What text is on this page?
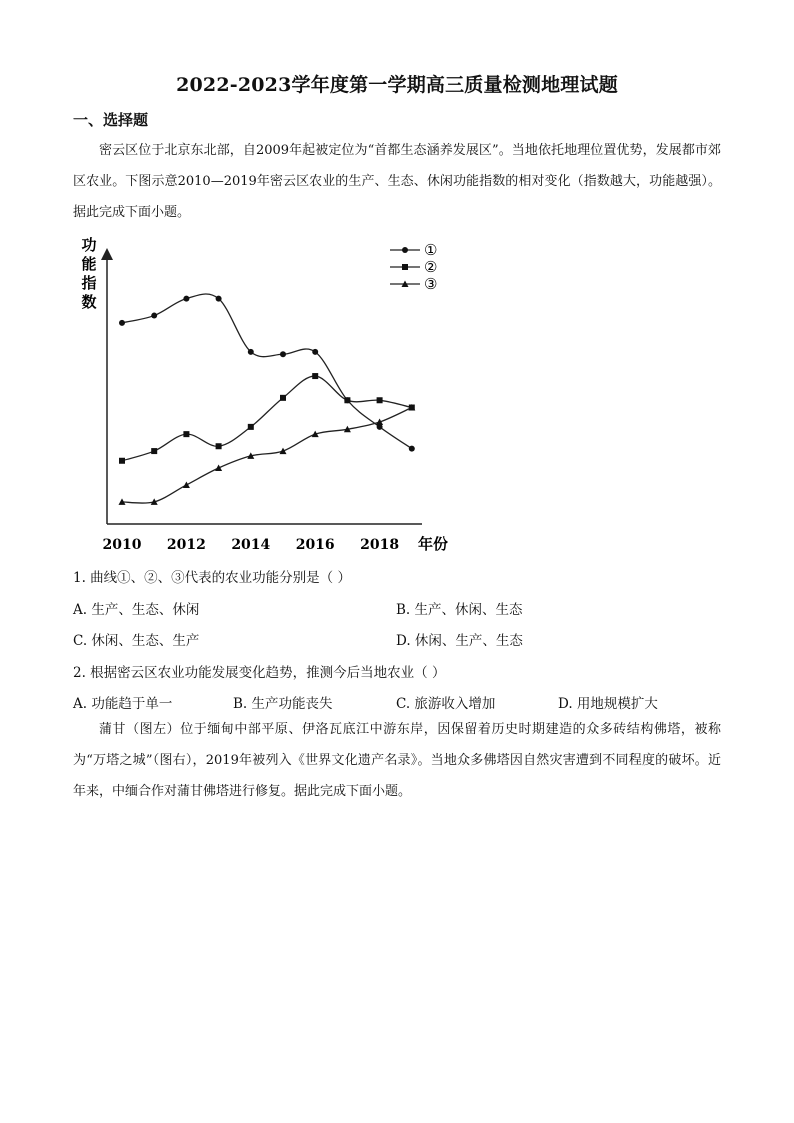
2022-2023学年度第一学期高三质量检测地理试题
一、选择题
密云区位于北京东北部，自2009年起被定位为“首都生态涵养发展区”。当地依托地理位置优势，发展都市郊区农业。下图示意2010—2019年密云区农业的生产、生态、休闲功能指数的相对变化（指数越大，功能越强）。据此完成下面小题。
功能指数
年份
2010 2012 2014 2016 2018
①
②
③
1. 曲线①、②、③代表的农业功能分别是（ ）
A. 生产、生态、休闲	B. 生产、休闲、生态
C. 休闲、生态、生产	D. 休闲、生产、生态
2. 根据密云区农业功能发展变化趋势，推测今后当地农业（ ）
A. 功能趋于单一	B. 生产功能丧失	C. 旅游收入增加	D. 用地规模扩大
蒲甘（图左）位于缅甸中部平原、伊洛瓦底江中游东岸，因保留着历史时期建造的众多砖结构佛塔，被称为“万塔之城”（图右），2019年被列入《世界文化遗产名录》。当地众多佛塔因自然灾害遭到不同程度的破坏。近年来，中缅合作对蒲甘佛塔进行修复。据此完成下面小题。
